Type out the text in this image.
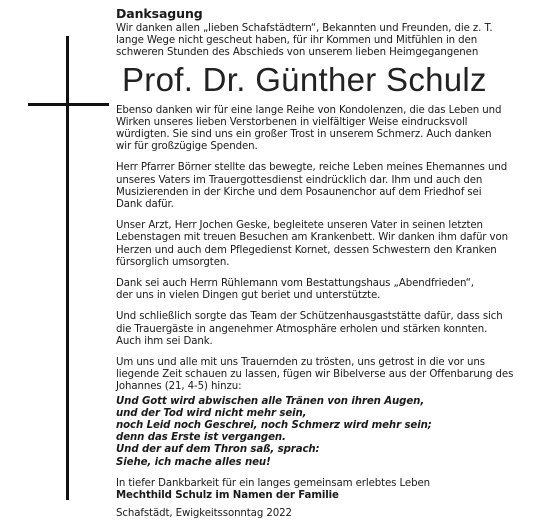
Danksagung
Wir danken allen „lieben Schafstädtern“, Bekannten und Freunden, die z. T.
lange Wege nicht gescheut haben, für ihr Kommen und Mitfühlen in den
schweren Stunden des Abschieds von unserem lieben Heimgegangenen
Prof. Dr. Günther Schulz
Ebenso danken wir für eine lange Reihe von Kondolenzen, die das Leben und
Wirken unseres lieben Verstorbenen in vielfältiger Weise eindrucksvoll
würdigten. Sie sind uns ein großer Trost in unserem Schmerz. Auch danken
wir für großzügige Spenden.
Herr Pfarrer Börner stellte das bewegte, reiche Leben meines Ehemannes und
unseres Vaters im Trauergottesdienst eindrücklich dar. Ihm und auch den
Musizierenden in der Kirche und dem Posaunenchor auf dem Friedhof sei
Dank dafür.
Unser Arzt, Herr Jochen Geske, begleitete unseren Vater in seinen letzten
Lebenstagen mit treuen Besuchen am Krankenbett. Wir danken ihm dafür von
Herzen und auch dem Pflegedienst Kornet, dessen Schwestern den Kranken
fürsorglich umsorgten.
Dank sei auch Herrn Rühlemann vom Bestattungshaus „Abendfrieden“,
der uns in vielen Dingen gut beriet und unterstützte.
Und schließlich sorgte das Team der Schützenhausgaststätte dafür, dass sich
die Trauergäste in angenehmer Atmosphäre erholen und stärken konnten.
Auch ihm sei Dank.
Um uns und alle mit uns Trauernden zu trösten, uns getrost in die vor uns
liegende Zeit schauen zu lassen, fügen wir Bibelverse aus der Offenbarung des
Johannes (21, 4-5) hinzu:
Und Gott wird abwischen alle Tränen von ihren Augen,
und der Tod wird nicht mehr sein,
noch Leid noch Geschrei, noch Schmerz wird mehr sein;
denn das Erste ist vergangen.
Und der auf dem Thron saß, sprach:
Siehe, ich mache alles neu!
In tiefer Dankbarkeit für ein langes gemeinsam erlebtes Leben
Mechthild Schulz im Namen der Familie
Schafstädt, Ewigkeitssonntag 2022
